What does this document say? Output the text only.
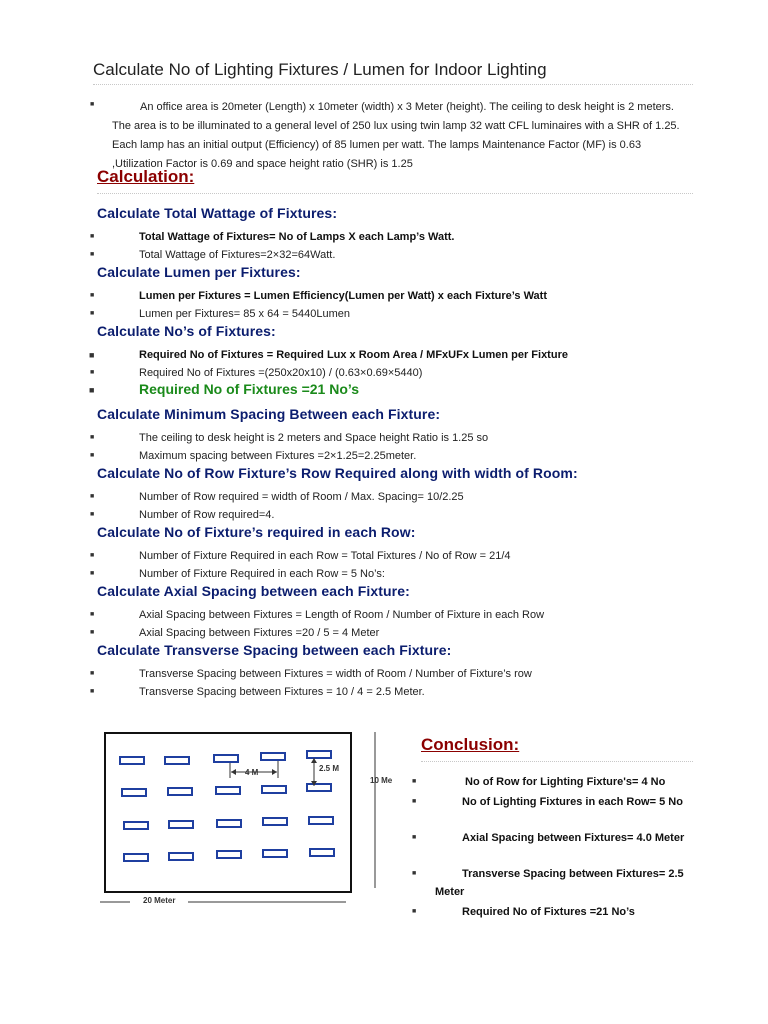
Calculate No of Lighting Fixtures / Lumen for Indoor Lighting
■	An office area is 20meter (Length) x 10meter (width) x 3 Meter (height). The ceiling to desk height is 2 meters. The area is to be illuminated to a general level of 250 lux using twin lamp 32 watt CFL luminaires with a SHR of 1.25. Each lamp has an initial output (Efficiency) of 85 lumen per watt. The lamps Maintenance Factor (MF) is 0.63 ,Utilization Factor is 0.69 and space height ratio (SHR) is 1.25
Calculation:
Calculate Total Wattage of Fixtures:
■	Total Wattage of Fixtures= No of Lamps X each Lamp’s Watt.
■	Total Wattage of Fixtures=2×32=64Watt.
Calculate Lumen per Fixtures:
■	Lumen per Fixtures = Lumen Efficiency(Lumen per Watt) x each Fixture’s Watt
■	Lumen per Fixtures= 85 x 64 = 5440Lumen
Calculate No’s of Fixtures:
■	Required No of Fixtures = Required Lux x Room Area / MFxUFx Lumen per Fixture
■	Required No of Fixtures =(250x20x10) / (0.63×0.69×5440)
■	Required No of Fixtures =21 No’s
Calculate Minimum Spacing Between each Fixture:
■	The ceiling to desk height is 2 meters and Space height Ratio is 1.25 so
■	Maximum spacing between Fixtures =2×1.25=2.25meter.
Calculate No of Row Fixture’s Row Required along with width of Room:
■	Number of Row required = width of Room / Max. Spacing= 10/2.25
■	Number of Row required=4.
Calculate No of Fixture’s required in each Row:
■	Number of Fixture Required in each Row = Total Fixtures / No of Row = 21/4
■	Number of Fixture Required in each Row = 5 No’s:
Calculate Axial Spacing between each Fixture:
■	Axial Spacing between Fixtures = Length of Room / Number of Fixture in each Row
■	Axial Spacing between Fixtures =20 / 5 = 4 Meter
Calculate Transverse Spacing between each Fixture:
■	Transverse Spacing between Fixtures = width of Room / Number of Fixture’s row
■	Transverse Spacing between Fixtures = 10 / 4 = 2.5 Meter.
4 M	2.5 M
10 Me
20 Meter
Conclusion:
■	No of Row for Lighting Fixture's= 4 No
■	No of Lighting Fixtures in each Row= 5 No
■	Axial Spacing between Fixtures= 4.0 Meter
■	Transverse Spacing between Fixtures= 2.5 Meter
■	Required No of Fixtures =21 No’s
